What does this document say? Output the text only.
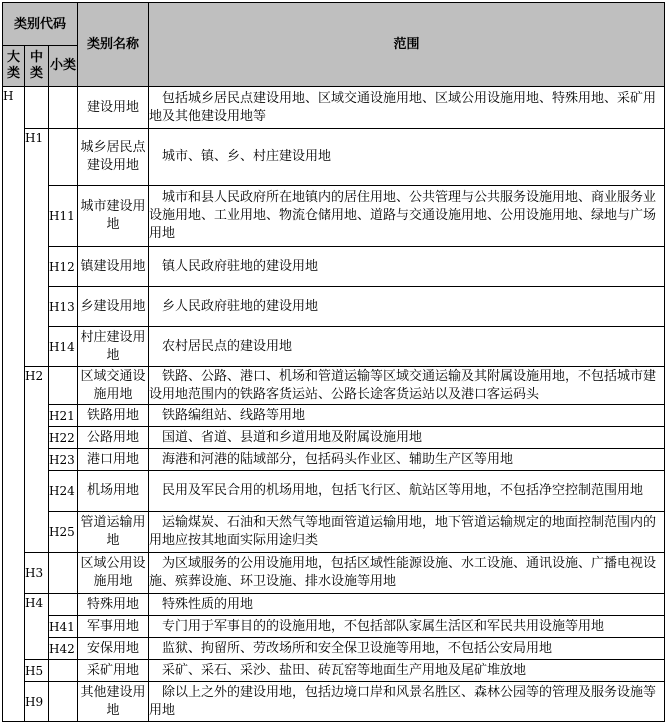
类别代码			类别名称	范围
大类	中类	小类		
H			建设用地	包括城乡居民点建设用地、区域交通设施用地、区域公用设施用地、特殊用地、采矿用地及其他建设用地等
	H1		城乡居民点建设用地	城市、镇、乡、村庄建设用地
		H11	城市建设用地	城市和县人民政府所在地镇内的居住用地、公共管理与公共服务设施用地、商业服务业设施用地、工业用地、物流仓储用地、道路与交通设施用地、公用设施用地、绿地与广场用地
		H12	镇建设用地	镇人民政府驻地的建设用地
		H13	乡建设用地	乡人民政府驻地的建设用地
		H14	村庄建设用地	农村居民点的建设用地
	H2		区域交通设施用地	铁路、公路、港口、机场和管道运输等区域交通运输及其附属设施用地，不包括城市建设用地范围内的铁路客货运站、公路长途客货运站以及港口客运码头
		H21	铁路用地	铁路编组站、线路等用地
		H22	公路用地	国道、省道、县道和乡道用地及附属设施用地
		H23	港口用地	海港和河港的陆域部分，包括码头作业区、辅助生产区等用地
		H24	机场用地	民用及军民合用的机场用地，包括飞行区、航站区等用地，不包括净空控制范围用地
		H25	管道运输用地	运输煤炭、石油和天然气等地面管道运输用地，地下管道运输规定的地面控制范围内的用地应按其地面实际用途归类
	H3		区域公用设施用地	为区域服务的公用设施用地，包括区域性能源设施、水工设施、通讯设施、广播电视设施、殡葬设施、环卫设施、排水设施等用地
	H4		特殊用地	特殊性质的用地
		H41	军事用地	专门用于军事目的的设施用地，不包括部队家属生活区和军民共用设施等用地
		H42	安保用地	监狱、拘留所、劳改场所和安全保卫设施等用地，不包括公安局用地
	H5		采矿用地	采矿、采石、采沙、盐田、砖瓦窑等地面生产用地及尾矿堆放地
	H9		其他建设用地	除以上之外的建设用地，包括边境口岸和风景名胜区、森林公园等的管理及服务设施等用地
